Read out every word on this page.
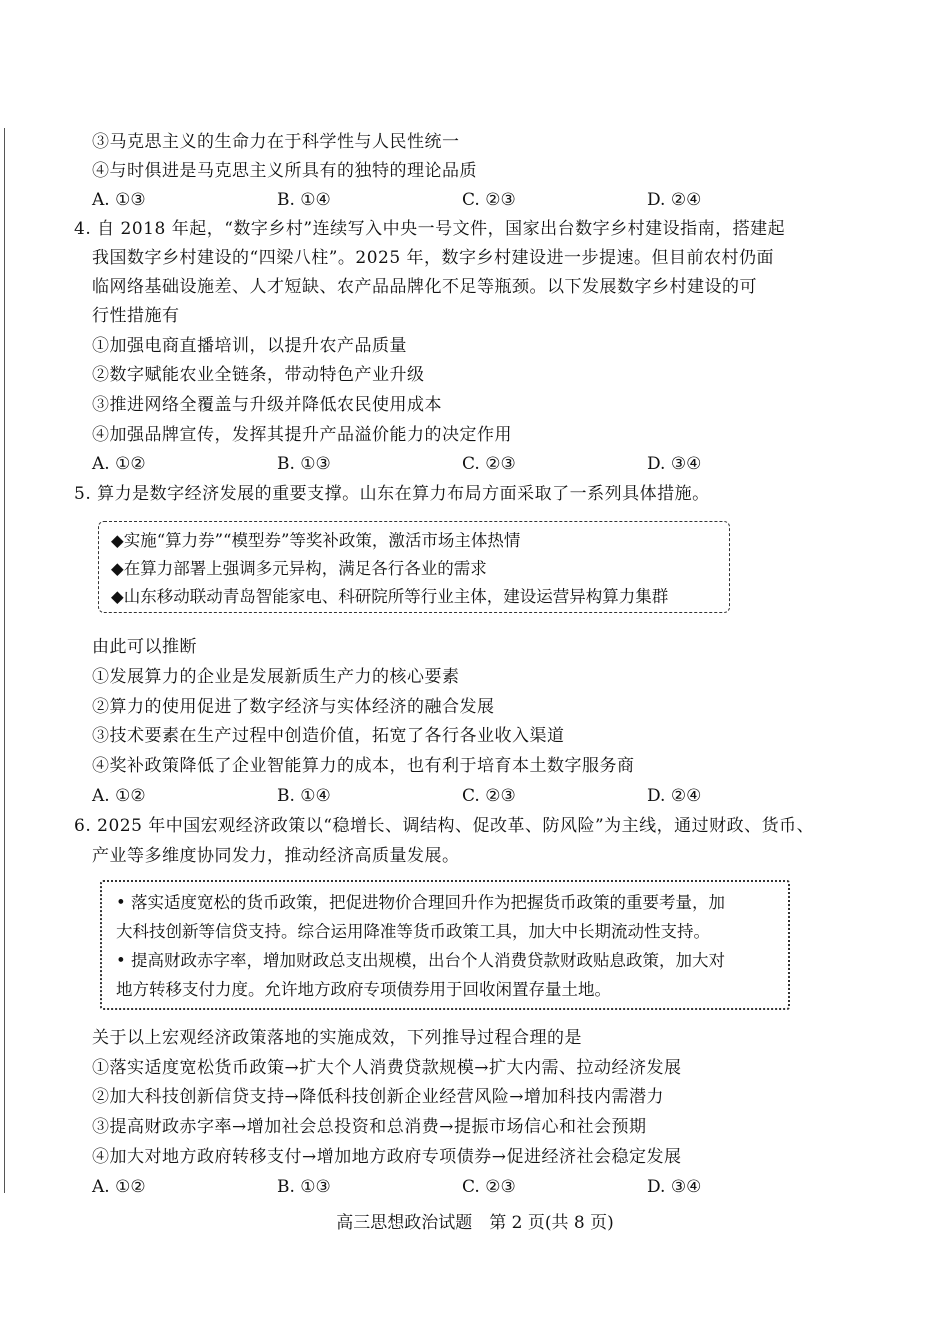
③马克思主义的生命力在于科学性与人民性统一
④与时俱进是马克思主义所具有的独特的理论品质
A. ①③	B. ①④	C. ②③	D. ②④
4. 自 2018 年起，“数字乡村”连续写入中央一号文件，国家出台数字乡村建设指南，搭建起
我国数字乡村建设的“四梁八柱”。2025 年，数字乡村建设进一步提速。但目前农村仍面
临网络基础设施差、人才短缺、农产品品牌化不足等瓶颈。以下发展数字乡村建设的可
行性措施有
①加强电商直播培训，以提升农产品质量
②数字赋能农业全链条，带动特色产业升级
③推进网络全覆盖与升级并降低农民使用成本
④加强品牌宣传，发挥其提升产品溢价能力的决定作用
A. ①②	B. ①③	C. ②③	D. ③④
5. 算力是数字经济发展的重要支撑。山东在算力布局方面采取了一系列具体措施。
◆实施“算力券”“模型券”等奖补政策，激活市场主体热情
◆在算力部署上强调多元异构，满足各行各业的需求
◆山东移动联动青岛智能家电、科研院所等行业主体，建设运营异构算力集群
由此可以推断
①发展算力的企业是发展新质生产力的核心要素
②算力的使用促进了数字经济与实体经济的融合发展
③技术要素在生产过程中创造价值，拓宽了各行各业收入渠道
④奖补政策降低了企业智能算力的成本，也有利于培育本土数字服务商
A. ①②	B. ①④	C. ②③	D. ②④
6. 2025 年中国宏观经济政策以“稳增长、调结构、促改革、防风险”为主线，通过财政、货币、
产业等多维度协同发力，推动经济高质量发展。
• 落实适度宽松的货币政策，把促进物价合理回升作为把握货币政策的重要考量，加
大科技创新等信贷支持。综合运用降准等货币政策工具，加大中长期流动性支持。
• 提高财政赤字率，增加财政总支出规模，出台个人消费贷款财政贴息政策，加大对
地方转移支付力度。允许地方政府专项债券用于回收闲置存量土地。
关于以上宏观经济政策落地的实施成效，下列推导过程合理的是
①落实适度宽松货币政策→扩大个人消费贷款规模→扩大内需、拉动经济发展
②加大科技创新信贷支持→降低科技创新企业经营风险→增加科技内需潜力
③提高财政赤字率→增加社会总投资和总消费→提振市场信心和社会预期
④加大对地方政府转移支付→增加地方政府专项债券→促进经济社会稳定发展
A. ①②	B. ①③	C. ②③	D. ③④
高三思想政治试题　第 2 页(共 8 页)
